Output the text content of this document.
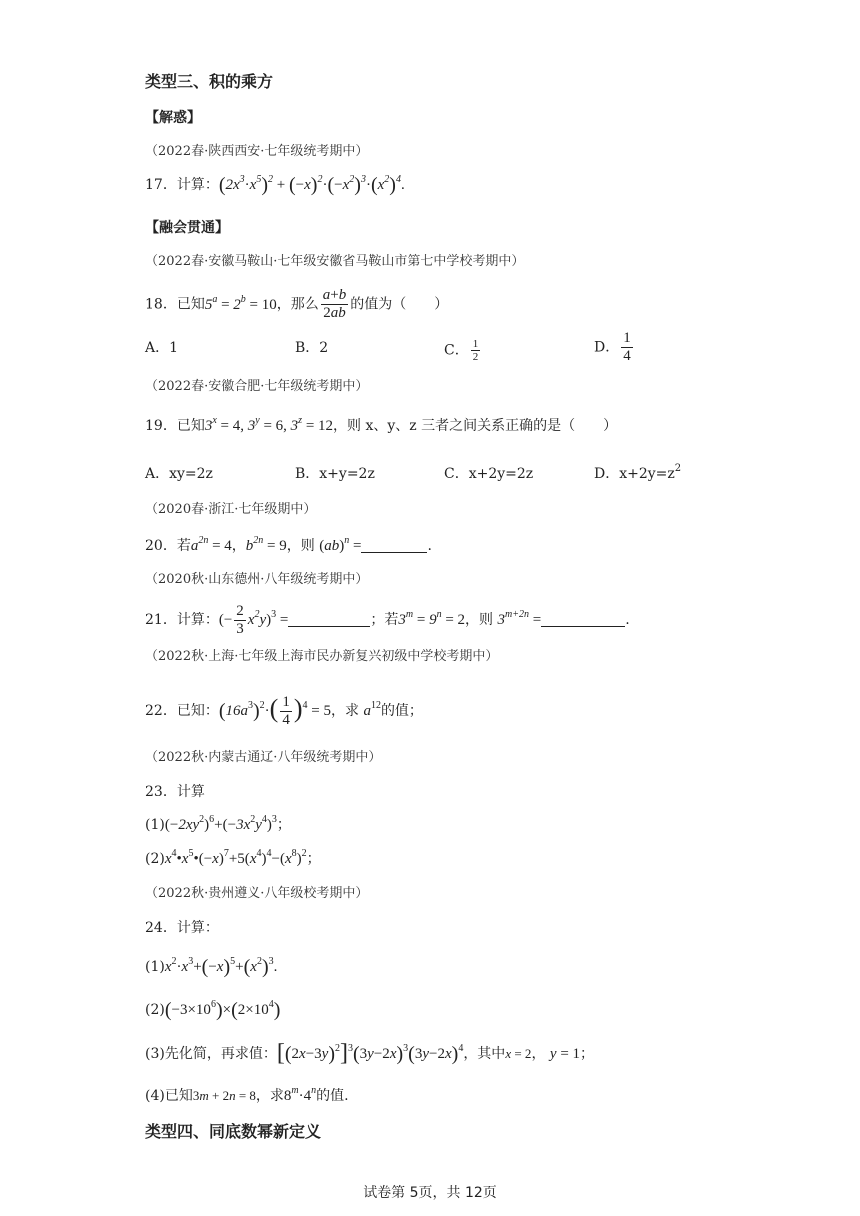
类型三、积的乘方
【解惑】
（2022春·陕西西安·七年级统考期中）
17．计算：$(2x^3\cdot x^5)^2 + (-x)^2\cdot(-x^2)^3\cdot(x^2)^4$.
【融会贯通】
（2022春·安徽马鞍山·七年级安徽省马鞍山市第七中学校考期中）
18．已知$5^a = 2^b = 10$，那么 $\frac{a+b}{2ab}$ 的值为（　　）
A．1	B．2	C． $\frac{1}{2}$	D． $\frac{1}{4}$
（2022春·安徽合肥·七年级统考期中）
19．已知$3^x = 4$, $3^y = 6$, $3^z = 12$，则 x、y、z 三者之间关系正确的是（　　）
A．xy=2z	B．x+y=2z	C．x+2y=2z	D．$x+2y=z^2$
（2020春·浙江·七年级期中）
20．若$a^{2n} = 4$，$b^{2n} = 9$，则 (ab)$^n$ =	.
（2020秋·山东德州·八年级统考期中）
21．计算：(− $\frac{2}{3} x^2y)^3$ =	；若$3^m = 9^n = 2$，则 $3^{m+2n}$ =	.
（2022秋·上海·七年级上海市民办新复兴初级中学校考期中）
22．已知：$(16a^3)^2\cdot( \frac{1}{4} )^4 = 5$，求 $a^{12}$的值；
（2022秋·内蒙古通辽·八年级统考期中）
23．计算
$(1)(-2xy^2)^6+(-3x^2y^4)^3$；
$(2)x^4•x^5•(-x)^7+5(x^4)^4-(x^8)^2$；
（2022秋·贵州遵义·八年级校考期中）
24．计算：
$(1)x^2\cdot x^3+(-x)^5+(x^2)^3$.
$(2)(-3\times 10^6)\times(2\times 10^4)$
(3)先化简，再求值：$[(2x-3y)^2]^3(3y-2x)^3(3y-2x)^4$，其中x = 2， y = 1；
(4)已知3m + 2n = 8，求$8^m\cdot 4^n$的值.
类型四、同底数幂新定义
试卷第 5页，共 12页
